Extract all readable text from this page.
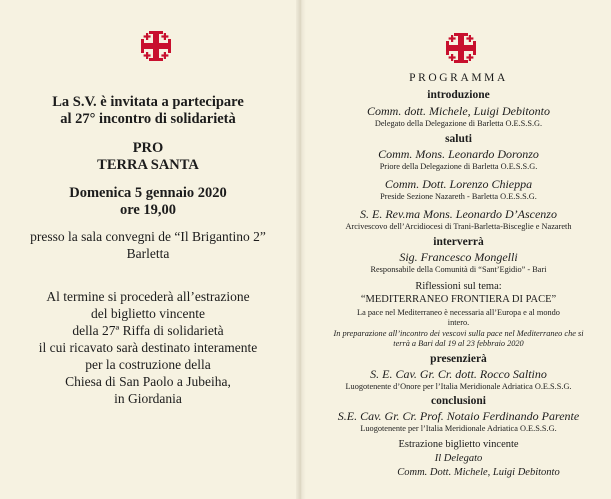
La S.V. è invitata a partecipare
al 27° incontro di solidarietà
PRO
TERRA SANTA
Domenica 5 gennaio 2020
ore 19,00
presso la sala convegni de “Il Brigantino 2”
Barletta
Al termine si procederà all’estrazione
del biglietto vincente
della 27ª Riffa di solidarietà
il cui ricavato sarà destinato interamente
per la costruzione della
Chiesa di San Paolo a Jubeiha,
in Giordania
PROGRAMMA
introduzione
Comm. dott. Michele, Luigi Debitonto
Delegato della Delegazione di Barletta O.E.S.S.G.
saluti
Comm. Mons. Leonardo Doronzo
Priore della Delegazione di Barletta O.E.S.S.G.
Comm. Dott. Lorenzo Chieppa
Preside Sezione Nazareth - Barletta O.E.S.S.G.
S. E. Rev.ma Mons. Leonardo D’Ascenzo
Arcivescovo dell’Arcidiocesi di Trani-Barletta-Bisceglie e Nazareth
interverrà
Sig. Francesco Mongelli
Responsabile della Comunità di “Sant’Egidio” - Bari
Riflessioni sul tema:
“MEDITERRANEO FRONTIERA DI PACE”
La pace nel Mediterraneo è necessaria all’Europa e al mondo
intero.
In preparazione all’incontro dei vescovi sulla pace nel Mediterraneo che si
terrà a Bari dal 19 al 23 febbraio 2020
presenzierà
S. E. Cav. Gr. Cr. dott. Rocco Saltino
Luogotenente d’Onore per l’Italia Meridionale Adriatica O.E.S.S.G.
conclusioni
S.E. Cav. Gr. Cr. Prof. Notaio Ferdinando Parente
Luogotenente per l’Italia Meridionale Adriatica O.E.S.S.G.
Estrazione biglietto vincente
Il Delegato
Comm. Dott. Michele, Luigi Debitonto
